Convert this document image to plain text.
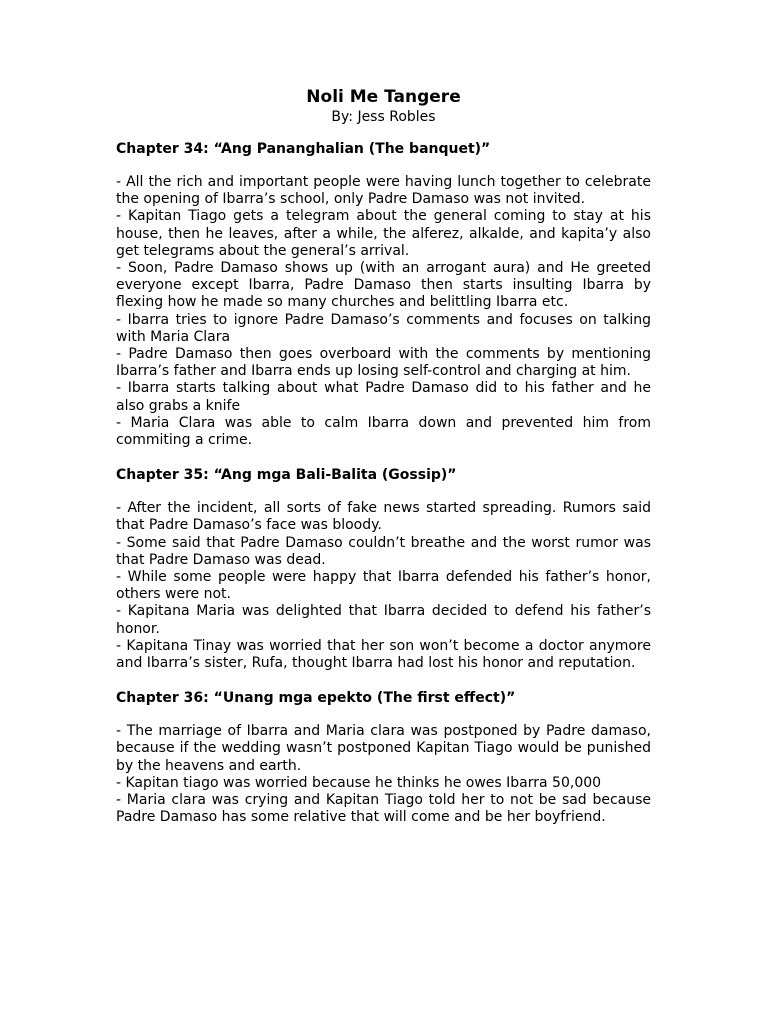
Noli Me Tangere

By: Jess Robles

Chapter 34: “Ang Pananghalian (The banquet)”

- All the rich and important people were having lunch together to celebrate the opening of Ibarra’s school, only Padre Damaso was not invited.

- Kapitan Tiago gets a telegram about the general coming to stay at his house, then he leaves, after a while, the alferez, alkalde, and kapita’y also get telegrams about the general’s arrival.

- Soon, Padre Damaso shows up (with an arrogant aura) and He greeted everyone except Ibarra, Padre Damaso then starts insulting Ibarra by flexing how he made so many churches and belittling Ibarra etc.

- Ibarra tries to ignore Padre Damaso’s comments and focuses on talking with Maria Clara

- Padre Damaso then goes overboard with the comments by mentioning Ibarra’s father and Ibarra ends up losing self-control and charging at him.

- Ibarra starts talking about what Padre Damaso did to his father and he also grabs a knife

- Maria Clara was able to calm Ibarra down and prevented him from commiting a crime.

Chapter 35: “Ang mga Bali-Balita (Gossip)”

- After the incident, all sorts of fake news started spreading. Rumors said that Padre Damaso’s face was bloody.

- Some said that Padre Damaso couldn’t breathe and the worst rumor was that Padre Damaso was dead.

- While some people were happy that Ibarra defended his father’s honor, others were not.

- Kapitana Maria was delighted that Ibarra decided to defend his father’s honor.

- Kapitana Tinay was worried that her son won’t become a doctor anymore and Ibarra’s sister, Rufa, thought Ibarra had lost his honor and reputation.

Chapter 36: “Unang mga epekto (The first effect)”

- The marriage of Ibarra and Maria clara was postponed by Padre damaso, because if the wedding wasn’t postponed Kapitan Tiago would be punished by the heavens and earth.

- Kapitan tiago was worried because he thinks he owes Ibarra 50,000

- Maria clara was crying and Kapitan Tiago told her to not be sad because Padre Damaso has some relative that will come and be her boyfriend.
